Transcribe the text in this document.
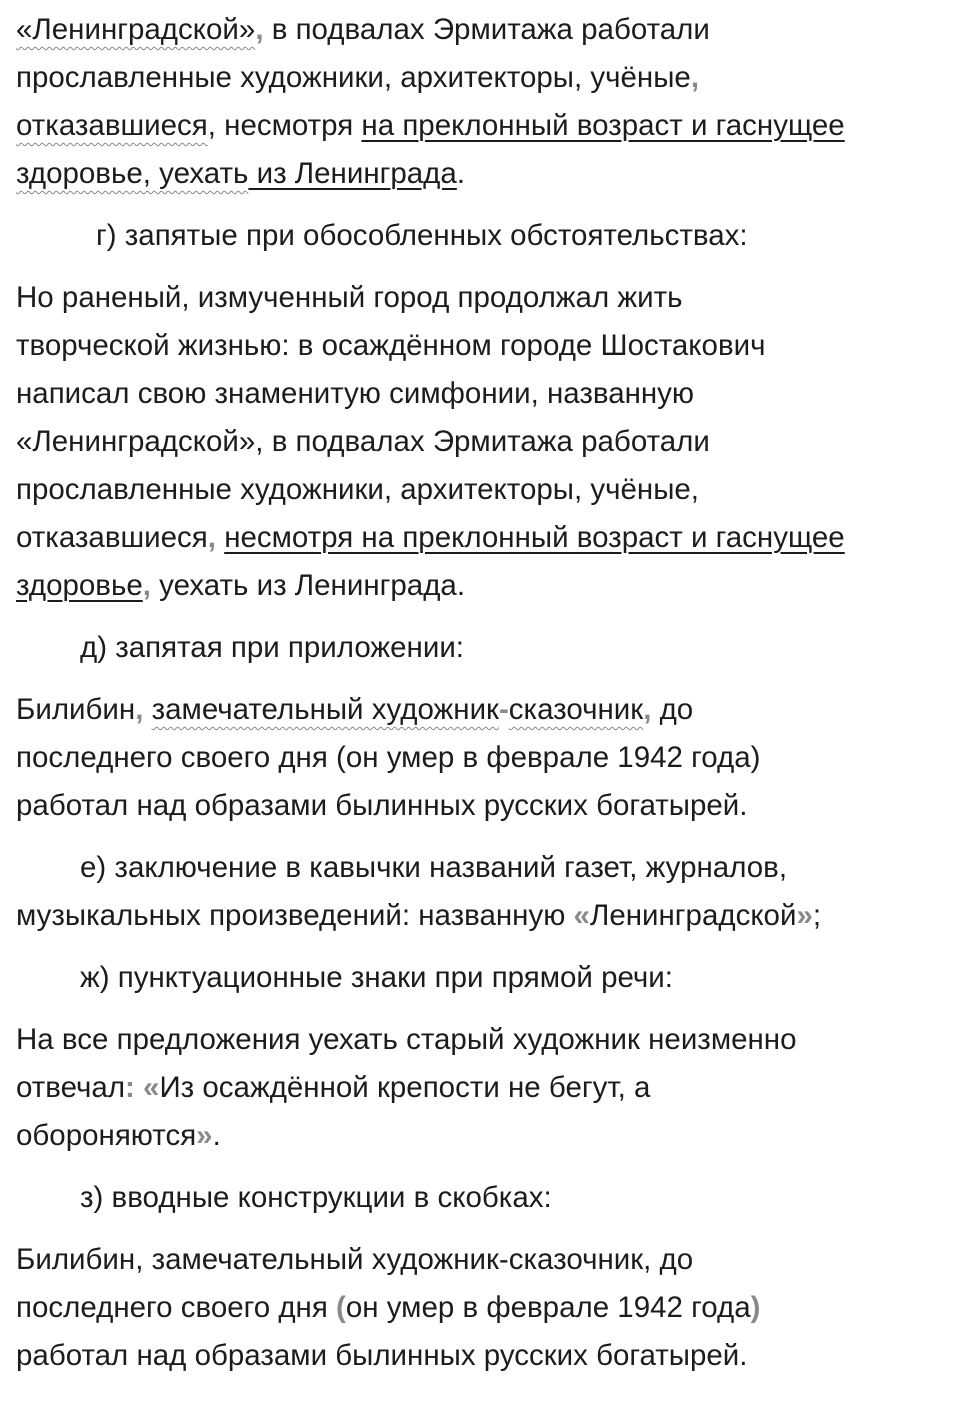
«Ленинградской», в подвалах Эрмитажа работали
прославленные художники, архитекторы, учёные,
отказавшиеся, несмотря на преклонный возраст и гаснущее
здоровье, уехать из Ленинграда.
г) запятые при обособленных обстоятельствах:
Но раненый, измученный город продолжал жить
творческой жизнью: в осаждённом городе Шостакович
написал свою знаменитую симфонии, названную
«Ленинградской», в подвалах Эрмитажа работали
прославленные художники, архитекторы, учёные,
отказавшиеся, несмотря на преклонный возраст и гаснущее
здоровье, уехать из Ленинграда.
д) запятая при приложении:
Билибин, замечательный художник-сказочник, до
последнего своего дня (он умер в феврале 1942 года)
работал над образами былинных русских богатырей.
е) заключение в кавычки названий газет, журналов,
музыкальных произведений: названную «Ленинградской»;
ж) пунктуационные знаки при прямой речи:
На все предложения уехать старый художник неизменно
отвечал: «Из осаждённой крепости не бегут, а
обороняются».
з) вводные конструкции в скобках:
Билибин, замечательный художник-сказочник, до
последнего своего дня (он умер в феврале 1942 года)
работал над образами былинных русских богатырей.
